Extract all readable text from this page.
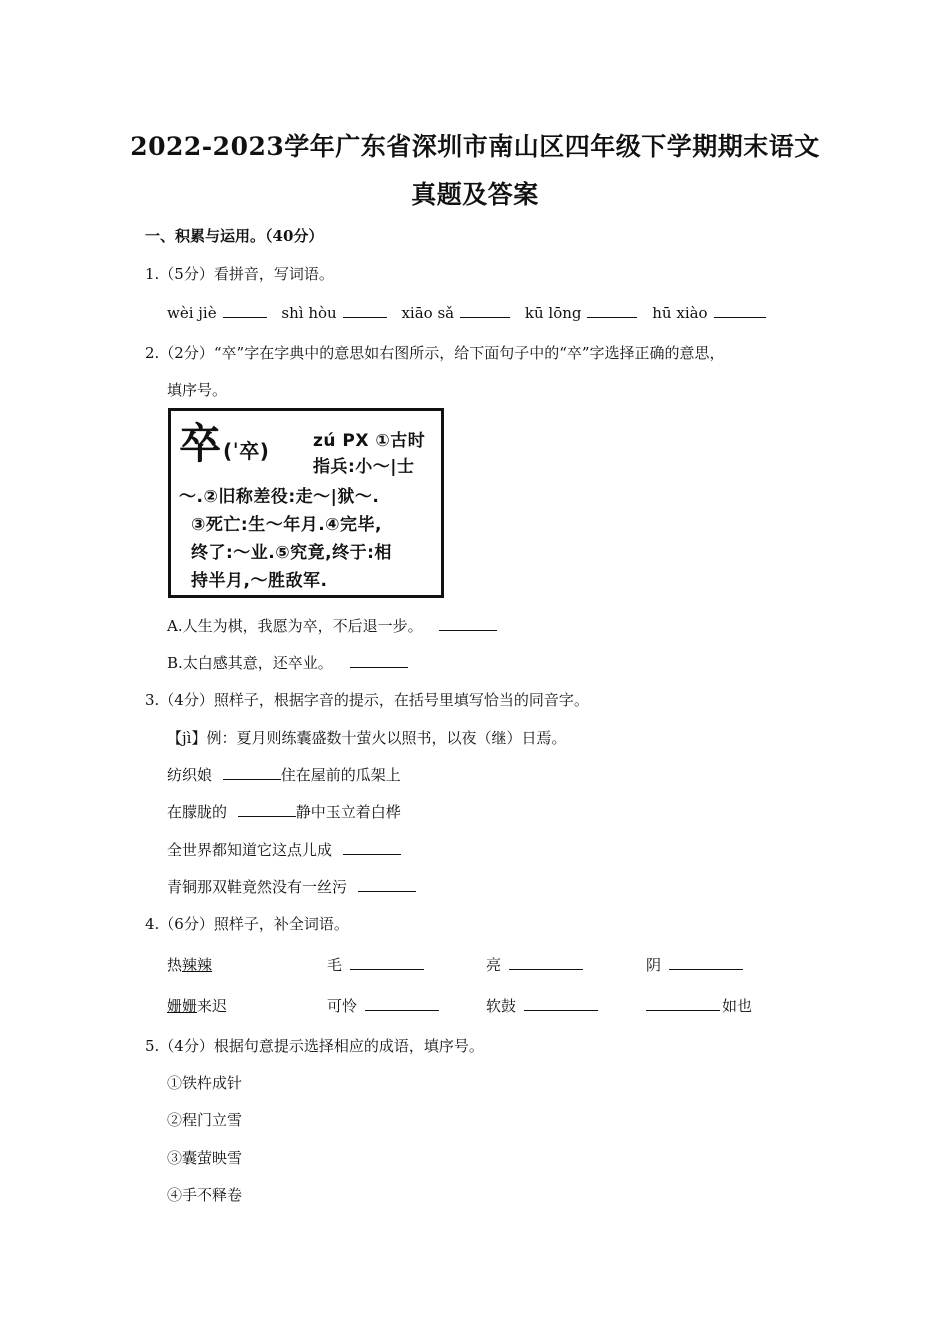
2022-2023学年广东省深圳市南山区四年级下学期期末语文
真题及答案
一、积累与运用。（40分）
1.（5分）看拼音，写词语。
wèi jiè	shì hòu	xiāo sǎ	kū lōng	hū xiào
2.（2分）“卒”字在字典中的意思如右图所示，给下面句子中的“卒”字选择正确的意思，
填序号。
卒 (ˈ卒)	zú PX ①古时
指兵:小～|士
～.②旧称差役:走～|狱～.
③死亡:生～年月.④完毕,
终了:～业.⑤究竟,终于:相
持半月,～胜敌军.
A.人生为棋，我愿为卒，不后退一步。
B.太白感其意，还卒业。
3.（4分）照样子，根据字音的提示，在括号里填写恰当的同音字。
【jì】例：夏月则练囊盛数十萤火以照书，以夜（继）日焉。
纺织娘	住在屋前的瓜架上
在朦胧的	静中玉立着白桦
全世界都知道它这点儿成
青铜那双鞋竟然没有一丝污
4.（6分）照样子，补全词语。
热辣辣	毛	亮	阴
姗姗来迟	可怜	软鼓	如也
5.（4分）根据句意提示选择相应的成语，填序号。
①铁杵成针
②程门立雪
③囊萤映雪
④手不释卷
